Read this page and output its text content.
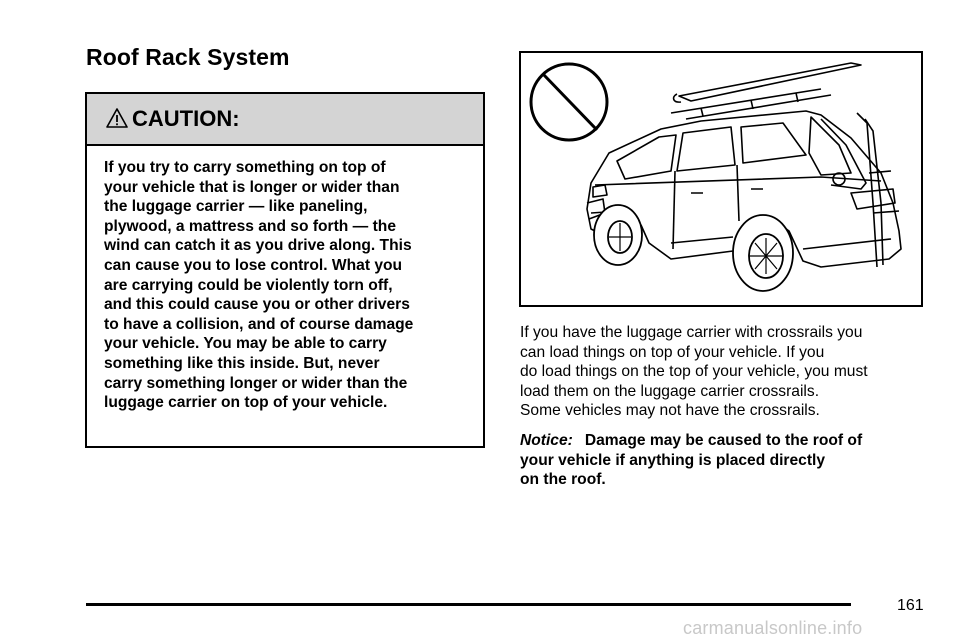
Roof Rack System
CAUTION:
If you try to carry something on top of
your vehicle that is longer or wider than
the luggage carrier — like paneling,
plywood, a mattress and so forth — the
wind can catch it as you drive along. This
can cause you to lose control. What you
are carrying could be violently torn off,
and this could cause you or other drivers
to have a collision, and of course damage
your vehicle. You may be able to carry
something like this inside. But, never
carry something longer or wider than the
luggage carrier on top of your vehicle.
If you have the luggage carrier with crossrails you
can load things on top of your vehicle. If you
do load things on the top of your vehicle, you must
load them on the luggage carrier crossrails.
Some vehicles may not have the crossrails.
Notice: Damage may be caused to the roof of
your vehicle if anything is placed directly
on the roof.
161
carmanualsonline.info
